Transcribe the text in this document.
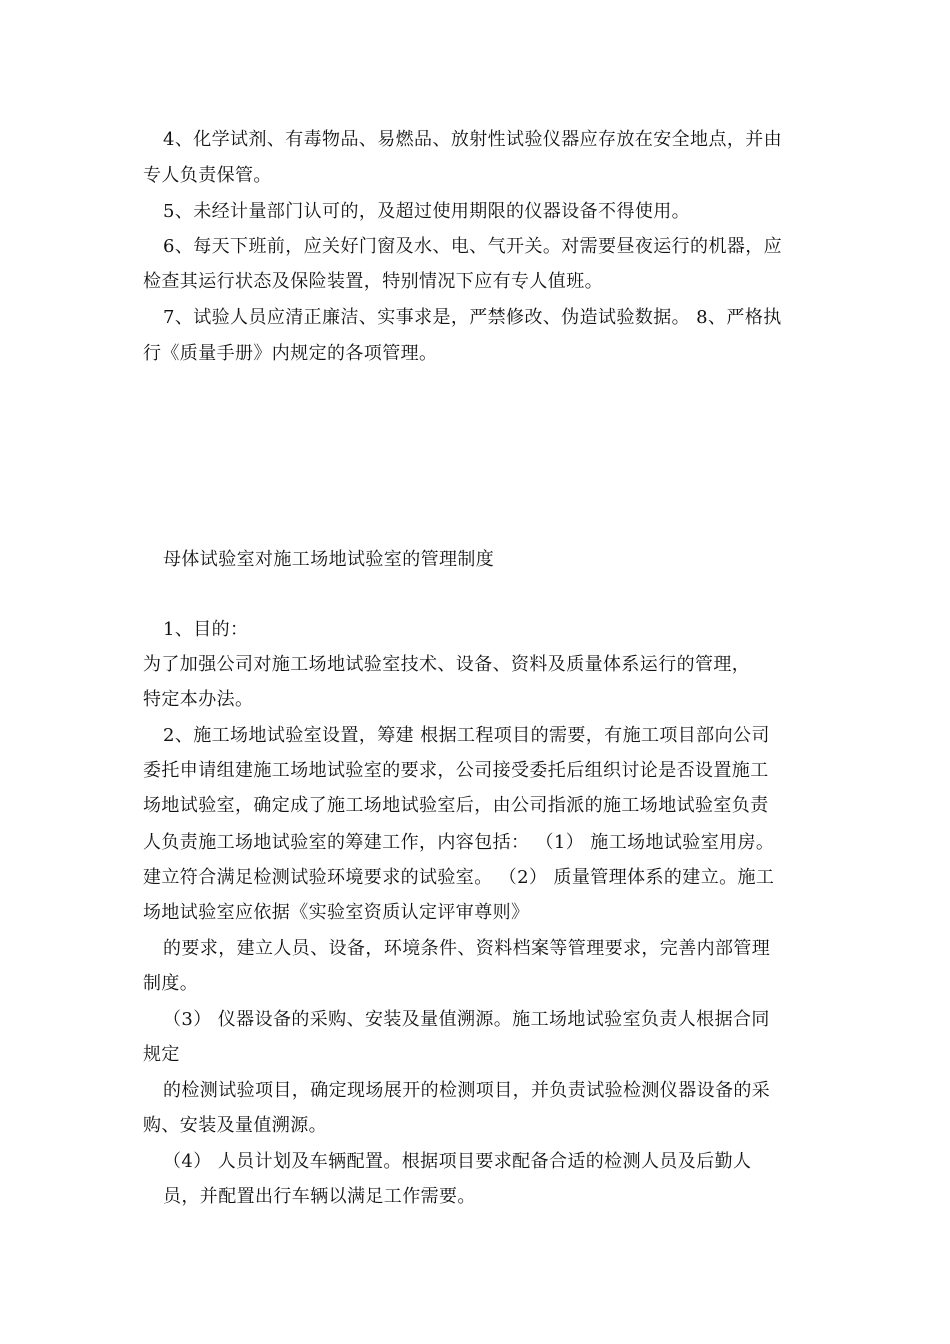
4、化学试剂、有毒物品、易燃品、放射性试验仪器应存放在安全地点，并由
专人负责保管。
5、未经计量部门认可的，及超过使用期限的仪器设备不得使用。
6、每天下班前，应关好门窗及水、电、气开关。对需要昼夜运行的机器，应
检查其运行状态及保险装置，特别情况下应有专人值班。
7、试验人员应清正廉洁、实事求是，严禁修改、伪造试验数据。 8、严格执
行《质量手册》内规定的各项管理。
母体试验室对施工场地试验室的管理制度
1、目的：
为了加强公司对施工场地试验室技术、设备、资料及质量体系运行的管理，
特定本办法。
2、施工场地试验室设置，筹建 根据工程项目的需要，有施工项目部向公司
委托申请组建施工场地试验室的要求，公司接受委托后组织讨论是否设置施工
场地试验室，确定成了施工场地试验室后，由公司指派的施工场地试验室负责
人负责施工场地试验室的筹建工作，内容包括： （1） 施工场地试验室用房。
建立符合满足检测试验环境要求的试验室。 （2） 质量管理体系的建立。施工
场地试验室应依据《实验室资质认定评审尊则》
的要求，建立人员、设备，环境条件、资料档案等管理要求，完善内部管理
制度。
（3） 仪器设备的采购、安装及量值溯源。施工场地试验室负责人根据合同
规定
的检测试验项目，确定现场展开的检测项目，并负责试验检测仪器设备的采
购、安装及量值溯源。
（4） 人员计划及车辆配置。根据项目要求配备合适的检测人员及后勤人
员，并配置出行车辆以满足工作需要。
